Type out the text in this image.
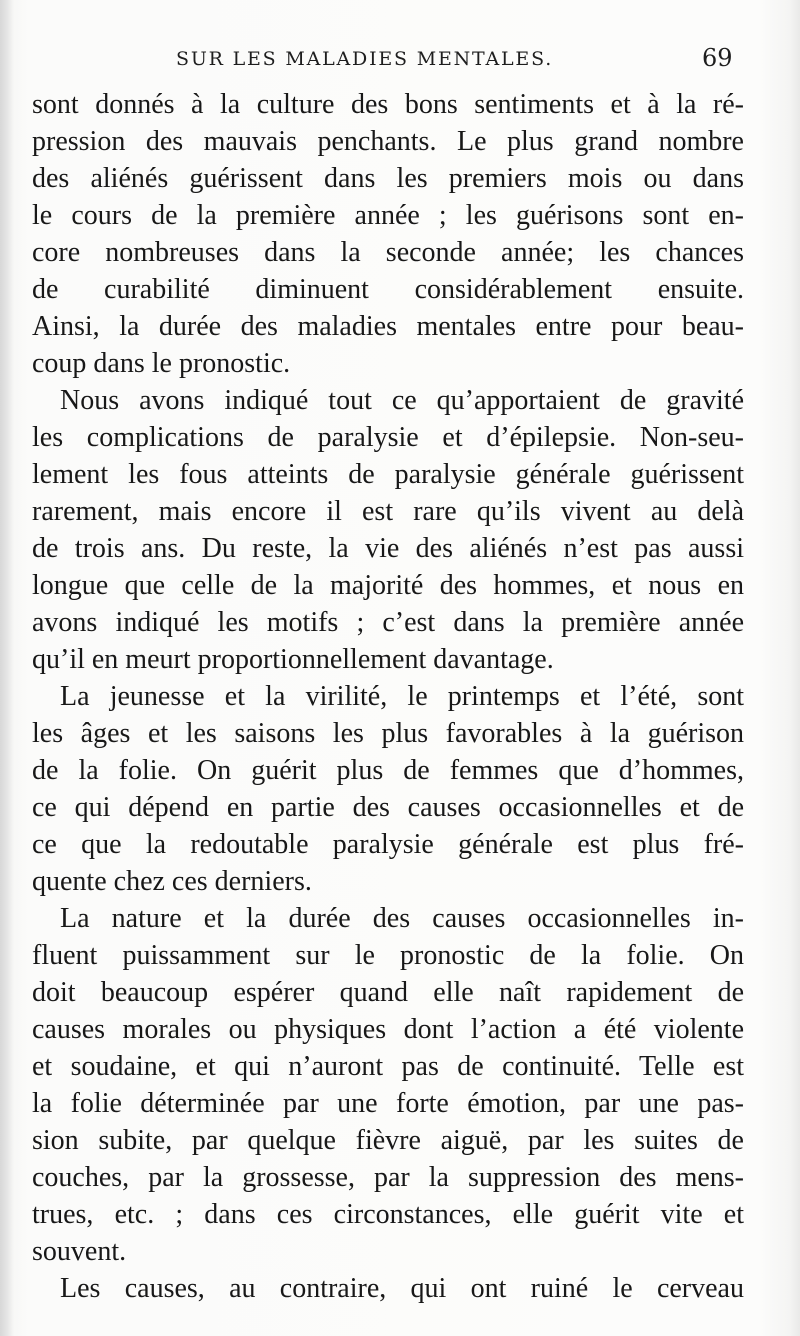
SUR LES MALADIES MENTALES.	69
sont donnés à la culture des bons sentiments et à la ré-
pression des mauvais penchants. Le plus grand nombre
des aliénés guérissent dans les premiers mois ou dans
le cours de la première année ; les guérisons sont en-
core nombreuses dans la seconde année; les chances
de curabilité diminuent considérablement ensuite.
Ainsi, la durée des maladies mentales entre pour beau-
coup dans le pronostic.
Nous avons indiqué tout ce qu’apportaient de gravité
les complications de paralysie et d’épilepsie. Non-seu-
lement les fous atteints de paralysie générale guérissent
rarement, mais encore il est rare qu’ils vivent au delà
de trois ans. Du reste, la vie des aliénés n’est pas aussi
longue que celle de la majorité des hommes, et nous en
avons indiqué les motifs ; c’est dans la première année
qu’il en meurt proportionnellement davantage.
La jeunesse et la virilité, le printemps et l’été, sont
les âges et les saisons les plus favorables à la guérison
de la folie. On guérit plus de femmes que d’hommes,
ce qui dépend en partie des causes occasionnelles et de
ce que la redoutable paralysie générale est plus fré-
quente chez ces derniers.
La nature et la durée des causes occasionnelles in-
fluent puissamment sur le pronostic de la folie. On
doit beaucoup espérer quand elle naît rapidement de
causes morales ou physiques dont l’action a été violente
et soudaine, et qui n’auront pas de continuité. Telle est
la folie déterminée par une forte émotion, par une pas-
sion subite, par quelque fièvre aiguë, par les suites de
couches, par la grossesse, par la suppression des mens-
trues, etc. ; dans ces circonstances, elle guérit vite et
souvent.
Les causes, au contraire, qui ont ruiné le cerveau
